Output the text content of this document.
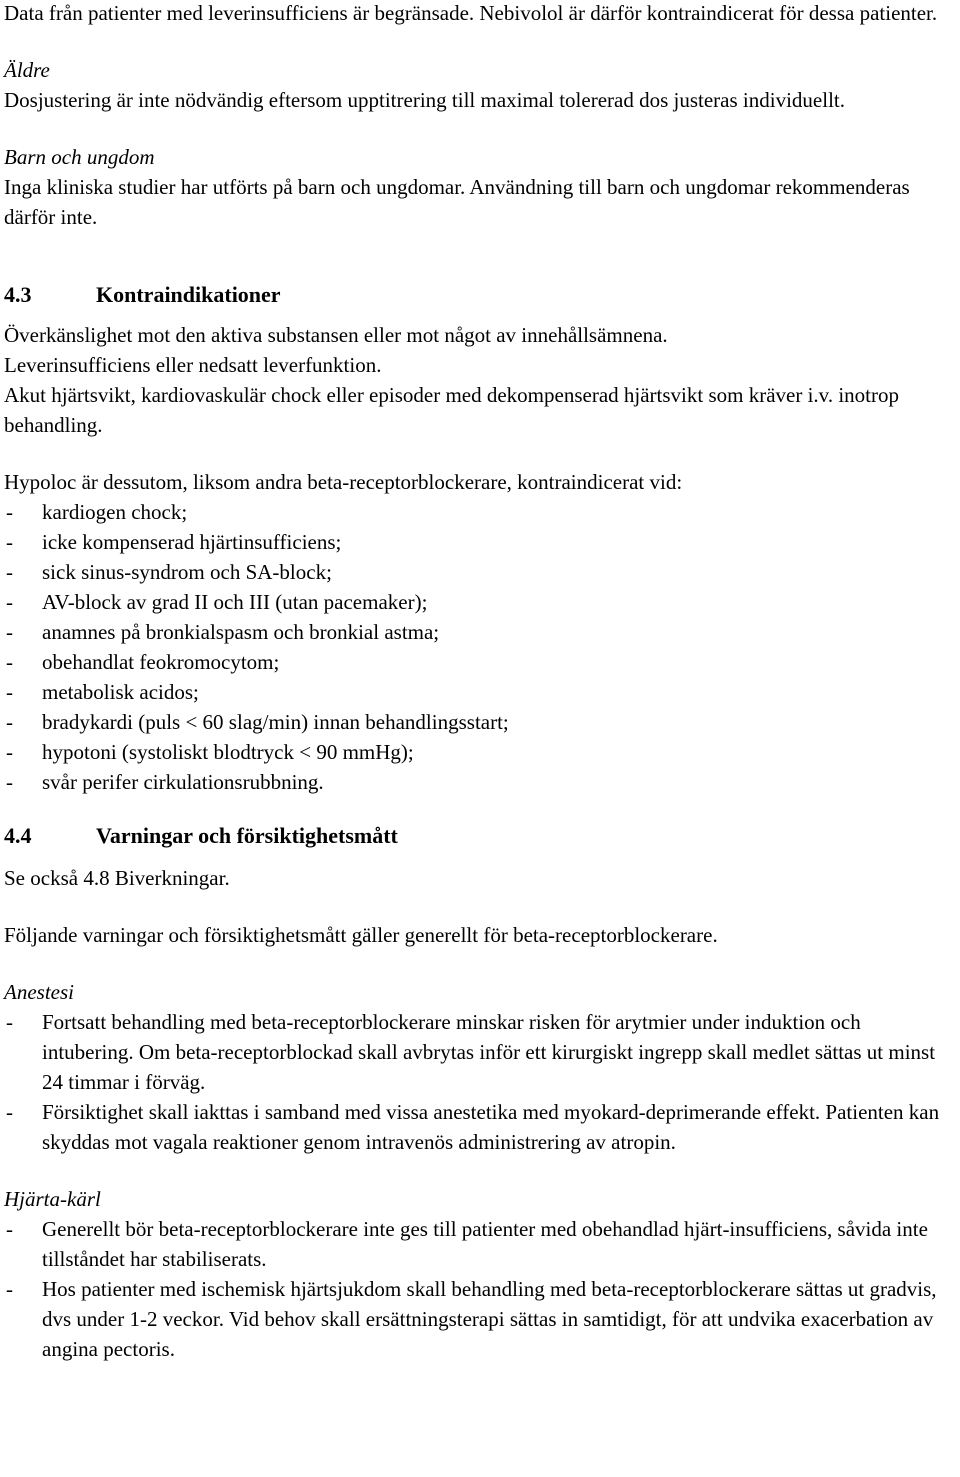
Data från patienter med leverinsufficiens är begränsade. Nebivolol är därför kontraindicerat för dessa patienter.

Äldre

Dosjustering är inte nödvändig eftersom upptitrering till maximal tolererad dos justeras individuellt.

Barn och ungdom

Inga kliniska studier har utförts på barn och ungdomar. Användning till barn och ungdomar rekommenderas därför inte.

4.3	Kontraindikationer

Överkänslighet mot den aktiva substansen eller mot något av innehållsämnena.

Leverinsufficiens eller nedsatt leverfunktion.

Akut hjärtsvikt, kardiovaskulär chock eller episoder med dekompenserad hjärtsvikt som kräver i.v. inotrop behandling.

Hypoloc är dessutom, liksom andra beta-receptorblockerare, kontraindicerat vid:

- kardiogen chock;
- icke kompenserad hjärtinsufficiens;
- sick sinus-syndrom och SA-block;
- AV-block av grad II och III (utan pacemaker);
- anamnes på bronkialspasm och bronkial astma;
- obehandlat feokromocytom;
- metabolisk acidos;
- bradykardi (puls < 60 slag/min) innan behandlingsstart;
- hypotoni (systoliskt blodtryck < 90 mmHg);
- svår perifer cirkulationsrubbning.
4.4	Varningar och försiktighetsmått

Se också 4.8 Biverkningar.

Följande varningar och försiktighetsmått gäller generellt för beta-receptorblockerare.

Anestesi

- Fortsatt behandling med beta-receptorblockerare minskar risken för arytmier under induktion och intubering. Om beta-receptorblockad skall avbrytas inför ett kirurgiskt ingrepp skall medlet sättas ut minst 24 timmar i förväg.
- Försiktighet skall iakttas i samband med vissa anestetika med myokard-deprimerande effekt. Patienten kan skyddas mot vagala reaktioner genom intravenös administrering av atropin.

Hjärta-kärl

- Generellt bör beta-receptorblockerare inte ges till patienter med obehandlad hjärt-insufficiens, såvida inte tillståndet har stabiliserats.
- Hos patienter med ischemisk hjärtsjukdom skall behandling med beta-receptorblockerare sättas ut gradvis, dvs under 1-2 veckor. Vid behov skall ersättningsterapi sättas in samtidigt, för att undvika exacerbation av angina pectoris.
